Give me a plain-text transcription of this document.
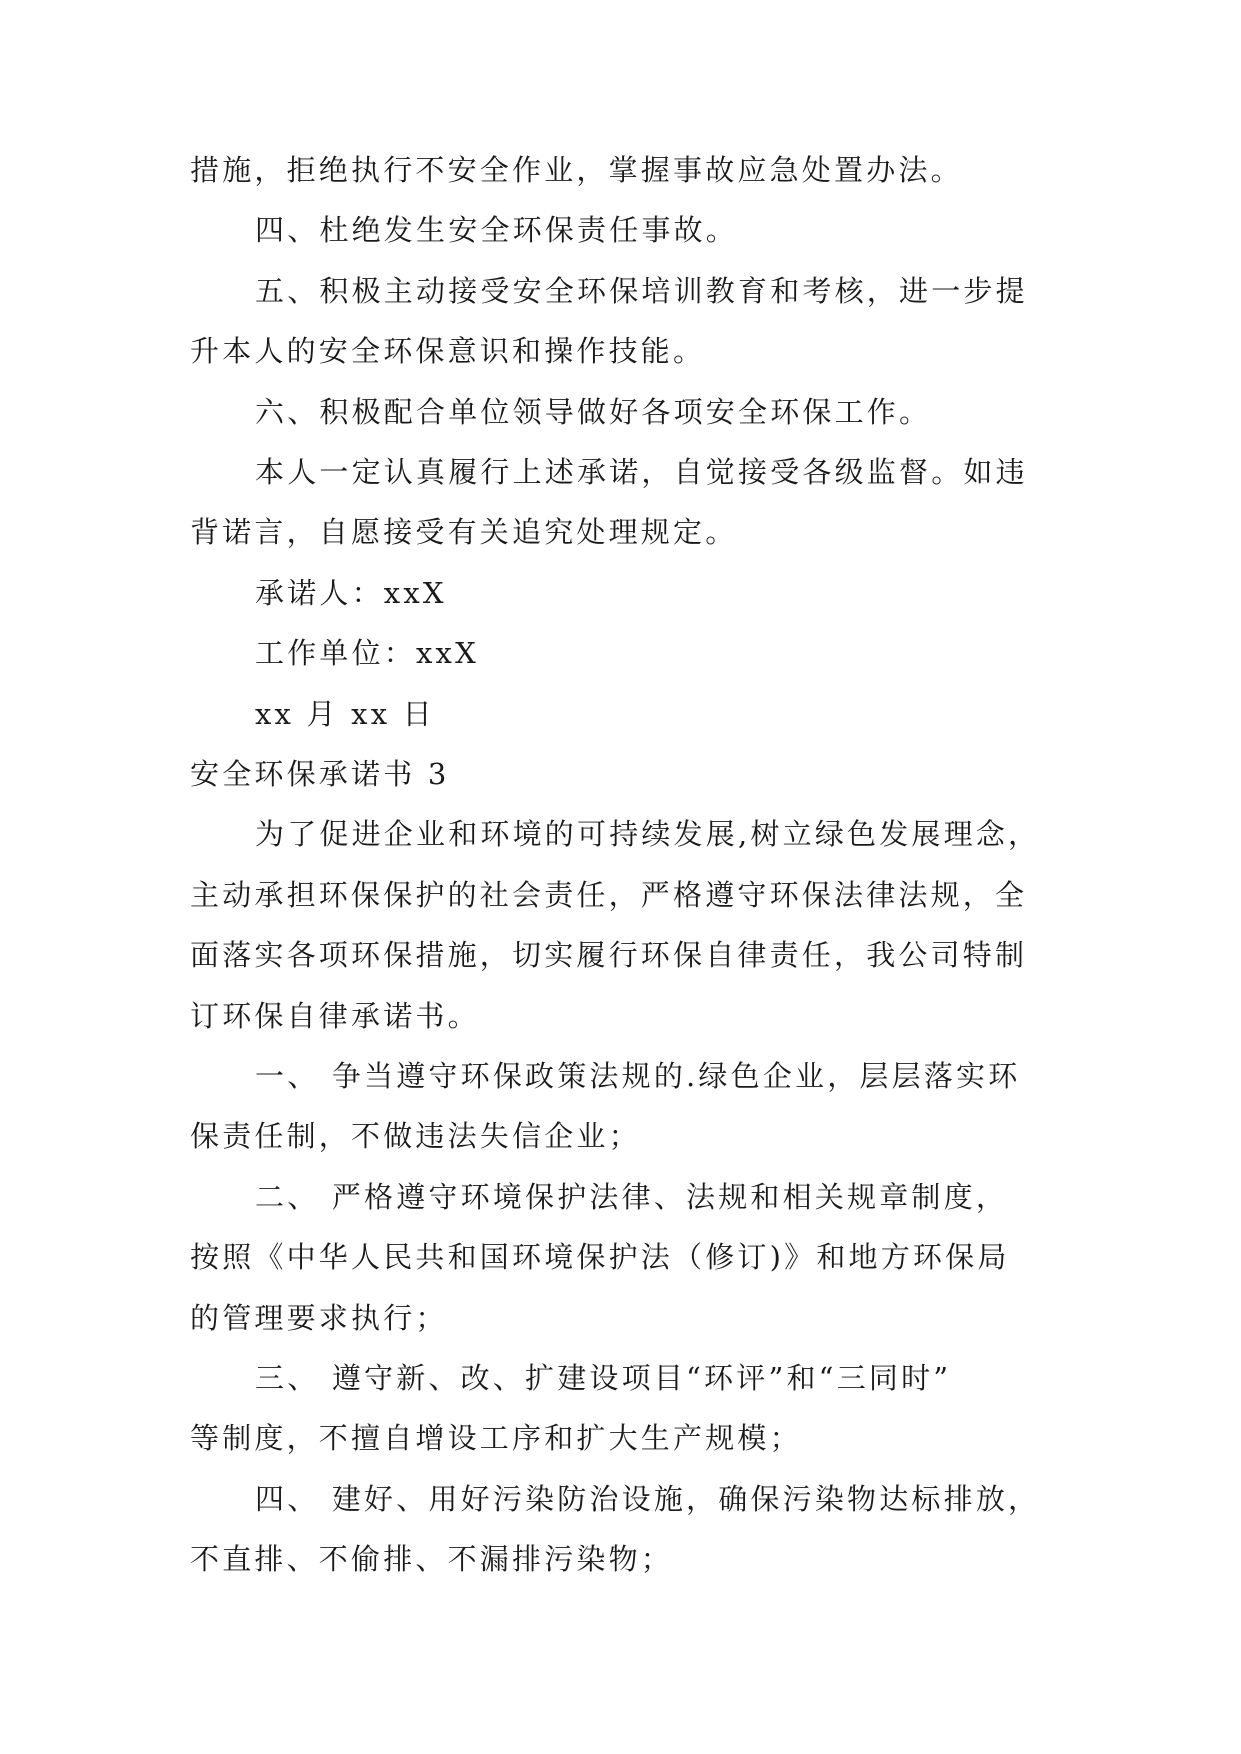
措施，拒绝执行不安全作业，掌握事故应急处置办法。
四、杜绝发生安全环保责任事故。
五、积极主动接受安全环保培训教育和考核，进一步提
升本人的安全环保意识和操作技能。
六、积极配合单位领导做好各项安全环保工作。
本人一定认真履行上述承诺，自觉接受各级监督。如违
背诺言，自愿接受有关追究处理规定。
承诺人：xxX
工作单位：xxX
xx 月 xx 日
安全环保承诺书 3
为了促进企业和环境的可持续发展,树立绿色发展理念，
主动承担环保保护的社会责任，严格遵守环保法律法规，全
面落实各项环保措施，切实履行环保自律责任，我公司特制
订环保自律承诺书。
一、 争当遵守环保政策法规的.绿色企业，层层落实环
保责任制，不做违法失信企业；
二、 严格遵守环境保护法律、法规和相关规章制度，
按照《中华人民共和国环境保护法（修订)》和地方环保局
的管理要求执行；
三、 遵守新、改、扩建设项目“环评”和“三同时”
等制度，不擅自增设工序和扩大生产规模；
四、 建好、用好污染防治设施，确保污染物达标排放，
不直排、不偷排、不漏排污染物；
